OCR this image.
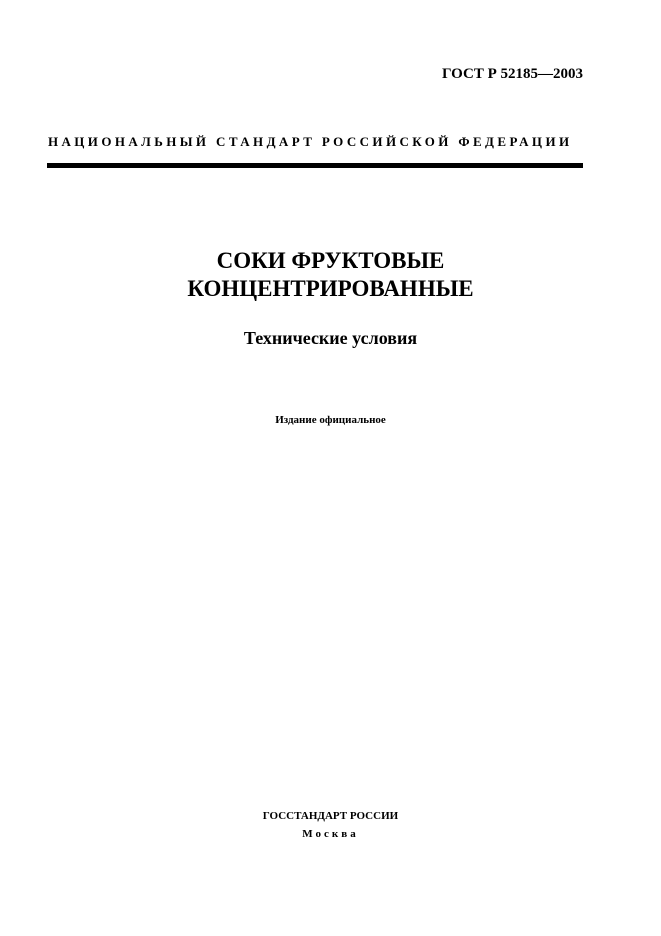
ГОСТ Р 52185—2003
НАЦИОНАЛЬНЫЙ СТАНДАРТ РОССИЙСКОЙ ФЕДЕРАЦИИ
СОКИ ФРУКТОВЫЕ
КОНЦЕНТРИРОВАННЫЕ
Технические условия
Издание официальное
ГОССТАНДАРТ РОССИИ
Москва
